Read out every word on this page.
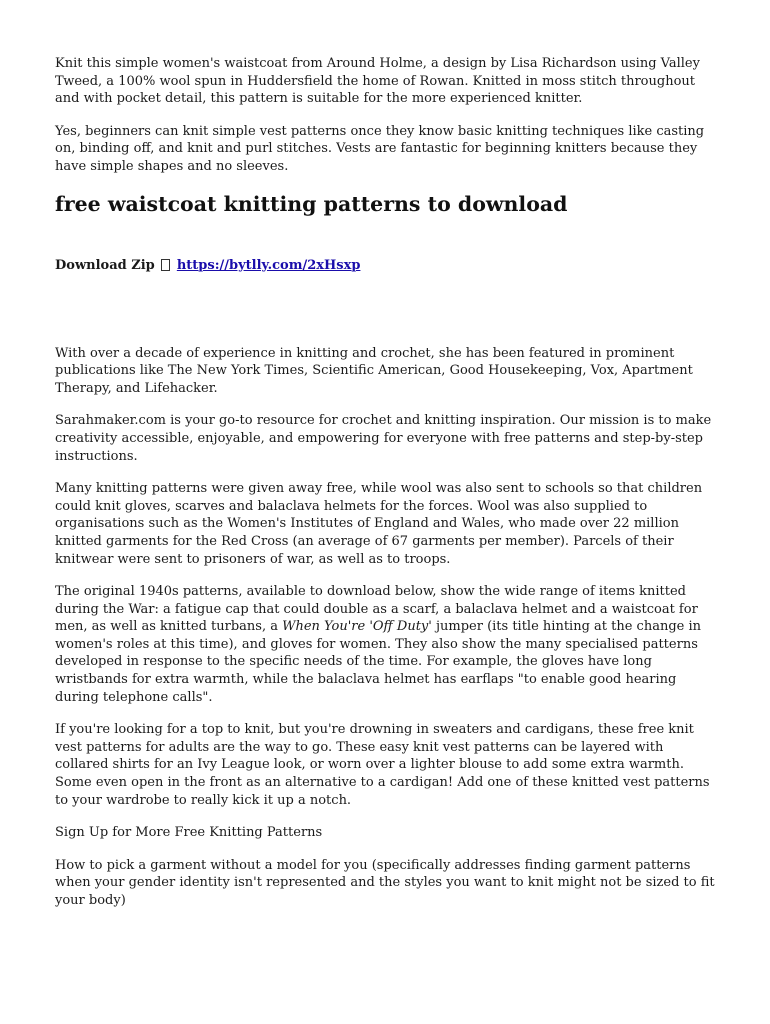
Knit this simple women's waistcoat from Around Holme, a design by Lisa Richardson using Valley Tweed, a 100% wool spun in Huddersfield the home of Rowan. Knitted in moss stitch throughout and with pocket detail, this pattern is suitable for the more experienced knitter.

Yes, beginners can knit simple vest patterns once they know basic knitting techniques like casting on, binding off, and knit and purl stitches. Vests are fantastic for beginning knitters because they have simple shapes and no sleeves.

free waistcoat knitting patterns to download
Download Zip https://bytlly.com/2xHsxp

With over a decade of experience in knitting and crochet, she has been featured in prominent publications like The New York Times, Scientific American, Good Housekeeping, Vox, Apartment Therapy, and Lifehacker.

Sarahmaker.com is your go-to resource for crochet and knitting inspiration. Our mission is to make creativity accessible, enjoyable, and empowering for everyone with free patterns and step-by-step instructions.

Many knitting patterns were given away free, while wool was also sent to schools so that children could knit gloves, scarves and balaclava helmets for the forces. Wool was also supplied to organisations such as the Women's Institutes of England and Wales, who made over 22 million knitted garments for the Red Cross (an average of 67 garments per member). Parcels of their knitwear were sent to prisoners of war, as well as to troops.

The original 1940s patterns, available to download below, show the wide range of items knitted during the War: a fatigue cap that could double as a scarf, a balaclava helmet and a waistcoat for men, as well as knitted turbans, a When You're 'Off Duty' jumper (its title hinting at the change in women's roles at this time), and gloves for women. They also show the many specialised patterns developed in response to the specific needs of the time. For example, the gloves have long wristbands for extra warmth, while the balaclava helmet has earflaps "to enable good hearing during telephone calls".

If you're looking for a top to knit, but you're drowning in sweaters and cardigans, these free knit vest patterns for adults are the way to go. These easy knit vest patterns can be layered with collared shirts for an Ivy League look, or worn over a lighter blouse to add some extra warmth. Some even open in the front as an alternative to a cardigan! Add one of these knitted vest patterns to your wardrobe to really kick it up a notch.

Sign Up for More Free Knitting Patterns

How to pick a garment without a model for you (specifically addresses finding garment patterns when your gender identity isn't represented and the styles you want to knit might not be sized to fit your body)
